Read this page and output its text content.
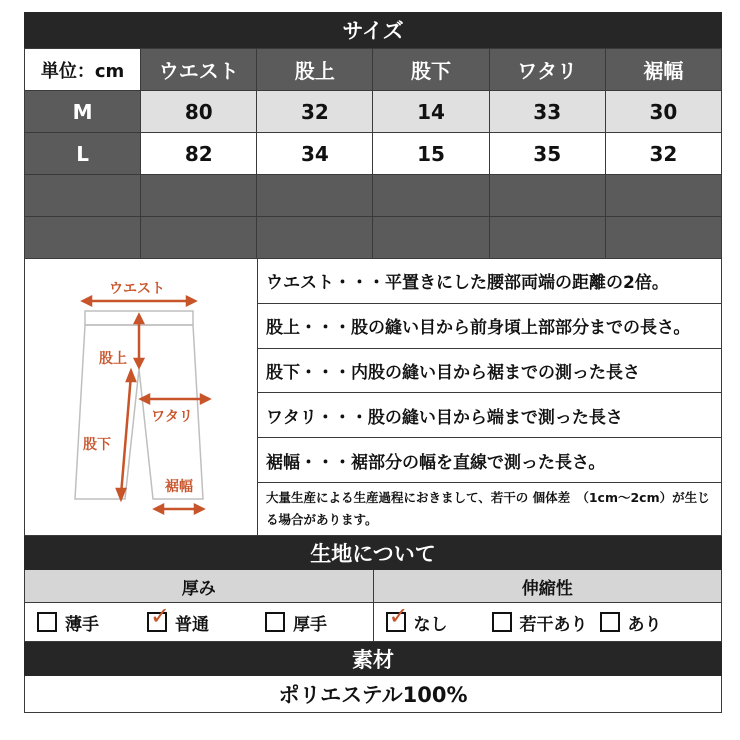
サイズ
単位：cm	ウエスト	股上	股下	ワタリ	裾幅
M	80	32	14	33	30
L	82	34	15	35	32

ウエスト
股上
ワタリ
股下
裾幅
ウエスト・・・平置きにした腰部両端の距離の2倍。
股上・・・股の縫い目から前身頃上部部分までの長さ。
股下・・・内股の縫い目から裾までの測った長さ
ワタリ・・・股の縫い目から端まで測った長さ
裾幅・・・裾部分の幅を直線で測った長さ。
大量生産による生産過程におきまして、若干の 個体差　（1cm～2cm）が生じる場合があります。
生地について
厚み	伸縮性
薄手 ✓ 普通	厚手	✓ なし	若干あり あり
素材
ポリエステル100%
